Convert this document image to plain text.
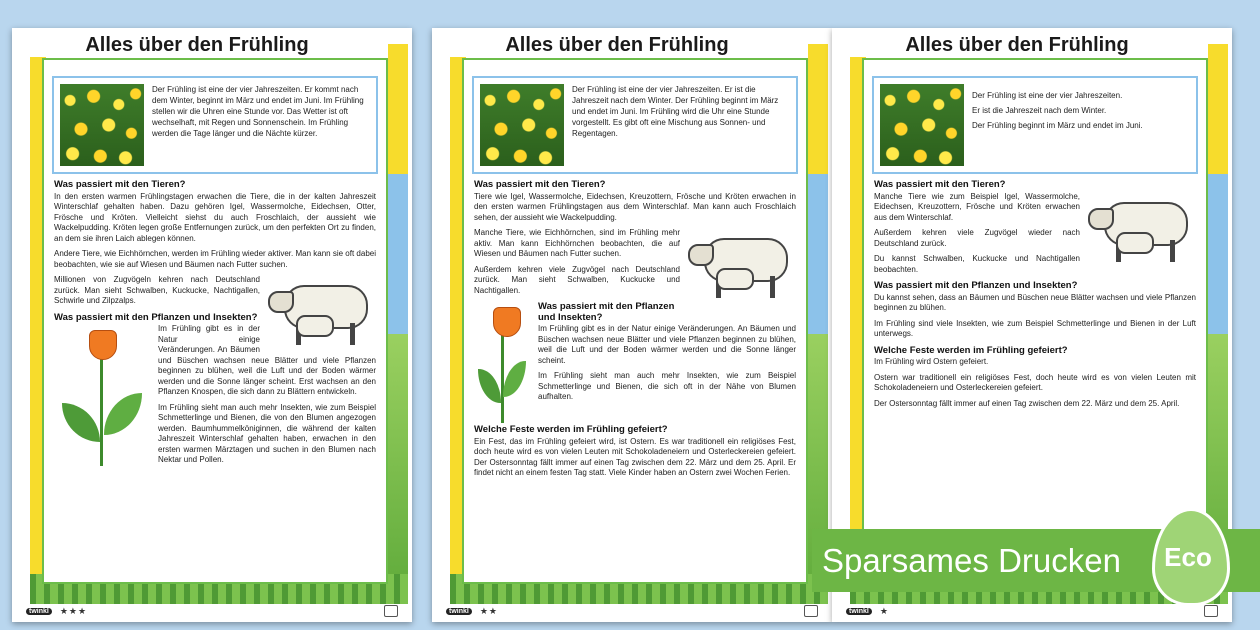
Der Frühling ist eine der vier Jahreszeiten. Er kommt nach dem Winter, beginnt im März und endet im Juni. Im Frühling stellen wir die Uhren eine Stunde vor. Das Wetter ist oft wechselhaft, mit Regen und Sonnenschein. Im Frühling werden die Tage länger und die Nächte kürzer.

Was passiert mit den Tieren?

In den ersten warmen Frühlingstagen erwachen die Tiere, die in der kalten Jahreszeit Winterschlaf gehalten haben. Dazu gehören Igel, Wassermolche, Eidechsen, Otter, Frösche und Kröten. Vielleicht siehst du auch Froschlaich, der aussieht wie Wackelpudding. Kröten legen große Entfernungen zurück, um den perfekten Ort zu finden, an dem sie ihren Laich ablegen können.

Andere Tiere, wie Eichhörnchen, werden im Frühling wieder aktiver. Man kann sie oft dabei beobachten, wie sie auf Wiesen und Bäumen nach Futter suchen.

Millionen von Zugvögeln kehren nach Deutschland zurück. Man sieht Schwalben, Kuckucke, Nachtigallen, Schwirle und Zilpzalps.

Was passiert mit den Pflanzen und Insekten?

Im Frühling gibt es in der Natur einige Veränderungen. An Bäumen und Büschen wachsen neue Blätter und viele Pflanzen beginnen zu blühen, weil die Luft und der Boden wärmer werden und die Sonne länger scheint. Erst wachsen an den Pflanzen Knospen, die sich dann zu Blättern entwickeln.

Im Frühling sieht man auch mehr Insekten, wie zum Beispiel Schmetterlinge und Bienen, die von den Blumen angezogen werden. Baumhummelköniginnen, die während der kalten Jahreszeit Winterschlaf gehalten haben, erwachen in den ersten warmen Märztagen und suchen in den Blumen nach Nektar und Pollen.

Alles über den Frühling
twinkl	★★★

Der Frühling ist eine der vier Jahreszeiten. Er ist die Jahreszeit nach dem Winter. Der Frühling beginnt im März und endet im Juni. Im Frühling wird die Uhr eine Stunde vorgestellt. Es gibt oft eine Mischung aus Sonnen- und Regentagen.

Was passiert mit den Tieren?

Tiere wie Igel, Wassermolche, Eidechsen, Kreuzottern, Frösche und Kröten erwachen in den ersten warmen Frühlingstagen aus dem Winterschlaf. Man kann auch Froschlaich sehen, der aussieht wie Wackelpudding.

Manche Tiere, wie Eichhörnchen, sind im Frühling mehr aktiv. Man kann Eichhörnchen beobachten, die auf Wiesen und Bäumen nach Futter suchen.

Außerdem kehren viele Zugvögel nach Deutschland zurück. Man sieht Schwalben, Kuckucke und Nachtigallen.

Was passiert mit den Pflanzen und Insekten?

Im Frühling gibt es in der Natur einige Veränderungen. An Bäumen und Büschen wachsen neue Blätter und viele Pflanzen beginnen zu blühen, weil die Luft und der Boden wärmer werden und die Sonne länger scheint.

Im Frühling sieht man auch mehr Insekten, wie zum Beispiel Schmetterlinge und Bienen, die sich oft in der Nähe von Blumen aufhalten.

Welche Feste werden im Frühling gefeiert?

Ein Fest, das im Frühling gefeiert wird, ist Ostern. Es war traditionell ein religiöses Fest, doch heute wird es von vielen Leuten mit Schokoladeneiern und Osterleckereien gefeiert. Der Ostersonntag fällt immer auf einen Tag zwischen dem 22. März und dem 25. April. Er findet nicht an einem festen Tag statt. Viele Kinder haben an Ostern zwei Wochen Ferien.

Alles über den Frühling
twinkl	★★

Der Frühling ist eine der vier Jahreszeiten.

Er ist die Jahreszeit nach dem Winter.

Der Frühling beginnt im März und endet im Juni.

Was passiert mit den Tieren?

Manche Tiere wie zum Beispiel Igel, Wassermolche, Eidechsen, Kreuzottern, Frösche und Kröten erwachen aus dem Winterschlaf.

Außerdem kehren viele Zugvögel wieder nach Deutschland zurück.

Du kannst Schwalben, Kuckucke und Nachtigallen beobachten.

Was passiert mit den Pflanzen und Insekten?

Du kannst sehen, dass an Bäumen und Büschen neue Blätter wachsen und viele Pflanzen beginnen zu blühen.

Im Frühling sind viele Insekten, wie zum Beispiel Schmetterlinge und Bienen in der Luft unterwegs.

Welche Feste werden im Frühling gefeiert?

Im Frühling wird Ostern gefeiert.

Ostern war traditionell ein religiöses Fest, doch heute wird es von vielen Leuten mit Schokoladeneiern und Osterleckereien gefeiert.

Der Ostersonntag fällt immer auf einen Tag zwischen dem 22. März und dem 25. April.

Alles über den Frühling
twinkl	★
Sparsames Drucken	Eco
